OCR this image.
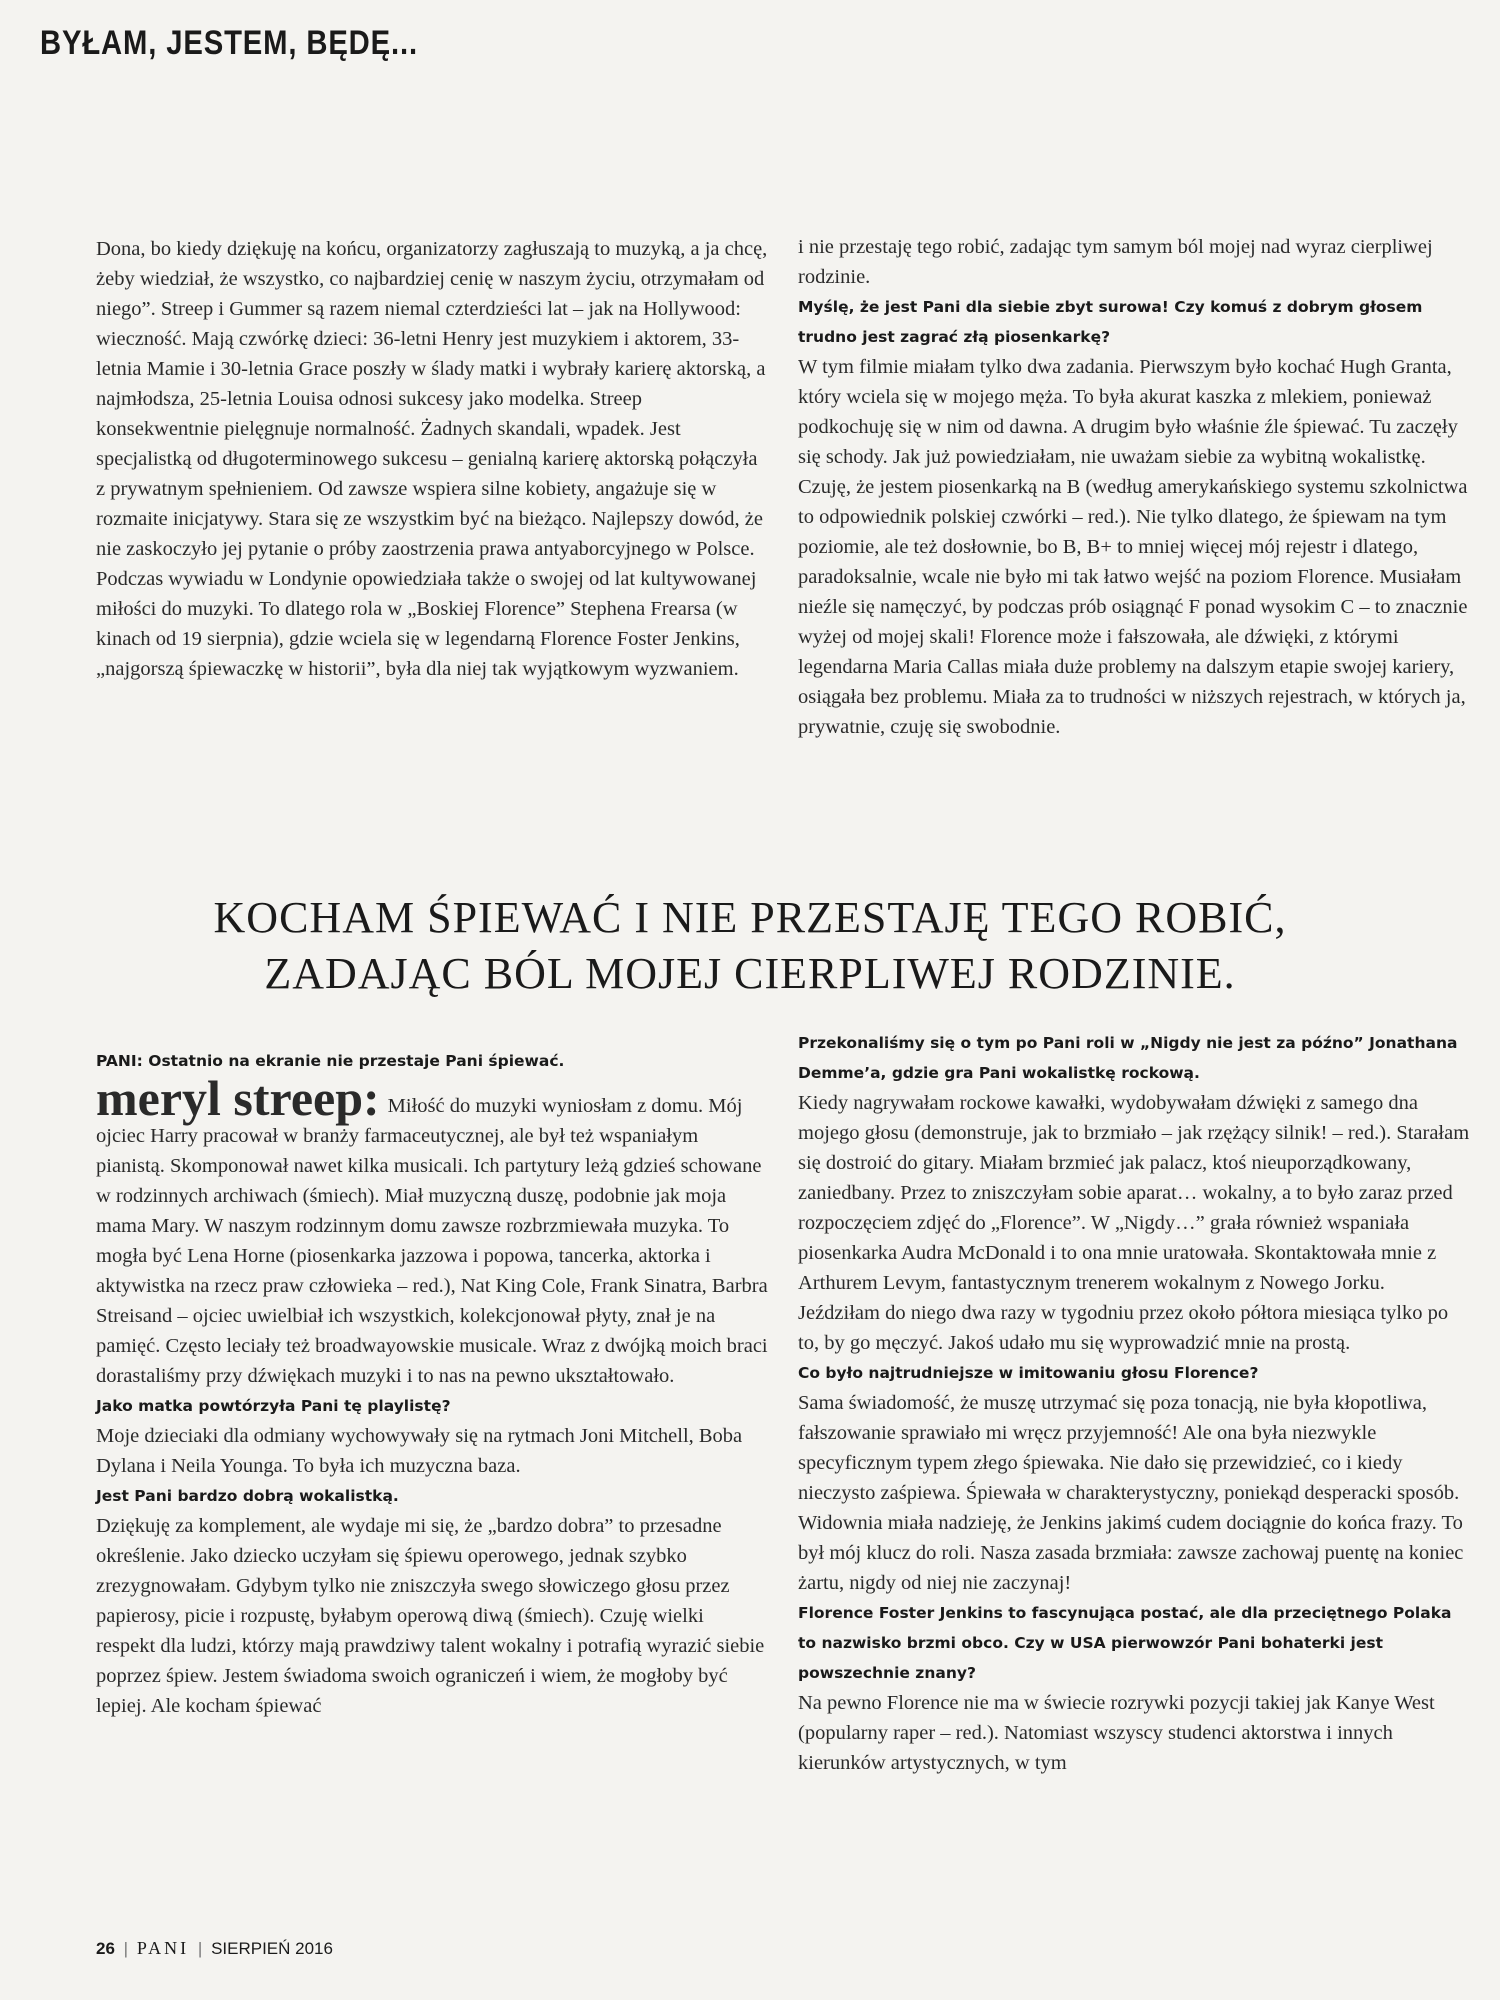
BYŁAM, JESTEM, BĘDĘ...

Dona, bo kiedy dziękuję na końcu, organizatorzy zagłuszają to muzyką, a ja chcę, żeby wiedział, że wszystko, co najbardziej cenię w naszym życiu, otrzymałam od niego”. Streep i Gummer są razem niemal czterdzieści lat – jak na Hollywood: wieczność. Mają czwórkę dzieci: 36-letni Henry jest muzykiem i aktorem, 33-letnia Mamie i 30-letnia Grace poszły w ślady matki i wybrały karierę aktorską, a najmłodsza, 25-letnia Louisa odnosi sukcesy jako modelka. Streep konsekwentnie pielęgnuje normalność. Żadnych skandali, wpadek. Jest specjalistką od długoterminowego sukcesu – genialną karierę aktorską połączyła z prywatnym spełnieniem. Od zawsze wspiera silne kobiety, angażuje się w rozmaite inicjatywy. Stara się ze wszystkim być na bieżąco. Najlepszy dowód, że nie zaskoczyło jej pytanie o próby zaostrzenia prawa antyaborcyjnego w Polsce. Podczas wywiadu w Londynie opowiedziała także o swojej od lat kultywowanej miłości do muzyki. To dlatego rola w „Boskiej Florence” Stephena Frearsa (w kinach od 19 sierpnia), gdzie wciela się w legendarną Florence Foster Jenkins, „najgorszą śpiewaczkę w historii”, była dla niej tak wyjątkowym wyzwaniem.

i nie przestaję tego robić, zadając tym samym ból mojej nad wyraz cierpliwej rodzinie.

Myślę, że jest Pani dla siebie zbyt surowa! Czy komuś z dobrym głosem trudno jest zagrać złą piosenkarkę?

W tym filmie miałam tylko dwa zadania. Pierwszym było kochać Hugh Granta, który wciela się w mojego męża. To była akurat kaszka z mlekiem, ponieważ podkochuję się w nim od dawna. A drugim było właśnie źle śpiewać. Tu zaczęły się schody. Jak już powiedziałam, nie uważam siebie za wybitną wokalistkę. Czuję, że jestem piosenkarką na B (według amerykańskiego systemu szkolnictwa to odpowiednik polskiej czwórki – red.). Nie tylko dlatego, że śpiewam na tym poziomie, ale też dosłownie, bo B, B+ to mniej więcej mój rejestr i dlatego, paradoksalnie, wcale nie było mi tak łatwo wejść na poziom Florence. Musiałam nieźle się namęczyć, by podczas prób osiągnąć F ponad wysokim C – to znacznie wyżej od mojej skali! Florence może i fałszowała, ale dźwięki, z którymi legendarna Maria Callas miała duże problemy na dalszym etapie swojej kariery, osiągała bez problemu. Miała za to trudności w niższych rejestrach, w których ja, prywatnie, czuję się swobodnie.

KOCHAM ŚPIEWAĆ I NIE PRZESTAJĘ TEGO ROBIĆ,
ZADAJĄC BÓL MOJEJ CIERPLIWEJ RODZINIE.

PANI: Ostatnio na ekranie nie przestaje Pani śpiewać.

meryl streep: Miłość do muzyki wyniosłam z domu. Mój ojciec Harry pracował w branży farmaceutycznej, ale był też wspaniałym pianistą. Skomponował nawet kilka musicali. Ich partytury leżą gdzieś schowane w rodzinnych archiwach (śmiech). Miał muzyczną duszę, podobnie jak moja mama Mary. W naszym rodzinnym domu zawsze rozbrzmiewała muzyka. To mogła być Lena Horne (piosenkarka jazzowa i popowa, tancerka, aktorka i aktywistka na rzecz praw człowieka – red.), Nat King Cole, Frank Sinatra, Barbra Streisand – ojciec uwielbiał ich wszystkich, kolekcjonował płyty, znał je na pamięć. Często leciały też broadwayowskie musicale. Wraz z dwójką moich braci dorastaliśmy przy dźwiękach muzyki i to nas na pewno ukształtowało.

Jako matka powtórzyła Pani tę playlistę?

Moje dzieciaki dla odmiany wychowywały się na rytmach Joni Mitchell, Boba Dylana i Neila Younga. To była ich muzyczna baza.

Jest Pani bardzo dobrą wokalistką.

Dziękuję za komplement, ale wydaje mi się, że „bardzo dobra” to przesadne określenie. Jako dziecko uczyłam się śpiewu operowego, jednak szybko zrezygnowałam. Gdybym tylko nie zniszczyła swego słowiczego głosu przez papierosy, picie i rozpustę, byłabym operową diwą (śmiech). Czuję wielki respekt dla ludzi, którzy mają prawdziwy talent wokalny i potrafią wyrazić siebie poprzez śpiew. Jestem świadoma swoich ograniczeń i wiem, że mogłoby być lepiej. Ale kocham śpiewać

Przekonaliśmy się o tym po Pani roli w „Nigdy nie jest za późno” Jonathana Demme’a, gdzie gra Pani wokalistkę rockową.

Kiedy nagrywałam rockowe kawałki, wydobywałam dźwięki z samego dna mojego głosu (demonstruje, jak to brzmiało – jak rzężący silnik! – red.). Starałam się dostroić do gitary. Miałam brzmieć jak palacz, ktoś nieuporządkowany, zaniedbany. Przez to zniszczyłam sobie aparat… wokalny, a to było zaraz przed rozpoczęciem zdjęć do „Florence”. W „Nigdy…” grała również wspaniała piosenkarka Audra McDonald i to ona mnie uratowała. Skontaktowała mnie z Arthurem Levym, fantastycznym trenerem wokalnym z Nowego Jorku. Jeździłam do niego dwa razy w tygodniu przez około półtora miesiąca tylko po to, by go męczyć. Jakoś udało mu się wyprowadzić mnie na prostą.

Co było najtrudniejsze w imitowaniu głosu Florence?

Sama świadomość, że muszę utrzymać się poza tonacją, nie była kłopotliwa, fałszowanie sprawiało mi wręcz przyjemność! Ale ona była niezwykle specyficznym typem złego śpiewaka. Nie dało się przewidzieć, co i kiedy nieczysto zaśpiewa. Śpiewała w charakterystyczny, poniekąd desperacki sposób. Widownia miała nadzieję, że Jenkins jakimś cudem dociągnie do końca frazy. To był mój klucz do roli. Nasza zasada brzmiała: zawsze zachowaj puentę na koniec żartu, nigdy od niej nie zaczynaj!

Florence Foster Jenkins to fascynująca postać, ale dla przeciętnego Polaka to nazwisko brzmi obco. Czy w USA pierwowzór Pani bohaterki jest powszechnie znany?

Na pewno Florence nie ma w świecie rozrywki pozycji takiej jak Kanye West (popularny raper – red.). Natomiast wszyscy studenci aktorstwa i innych kierunków artystycznych, w tym

26 | PANI | SIERPIEŃ 2016
